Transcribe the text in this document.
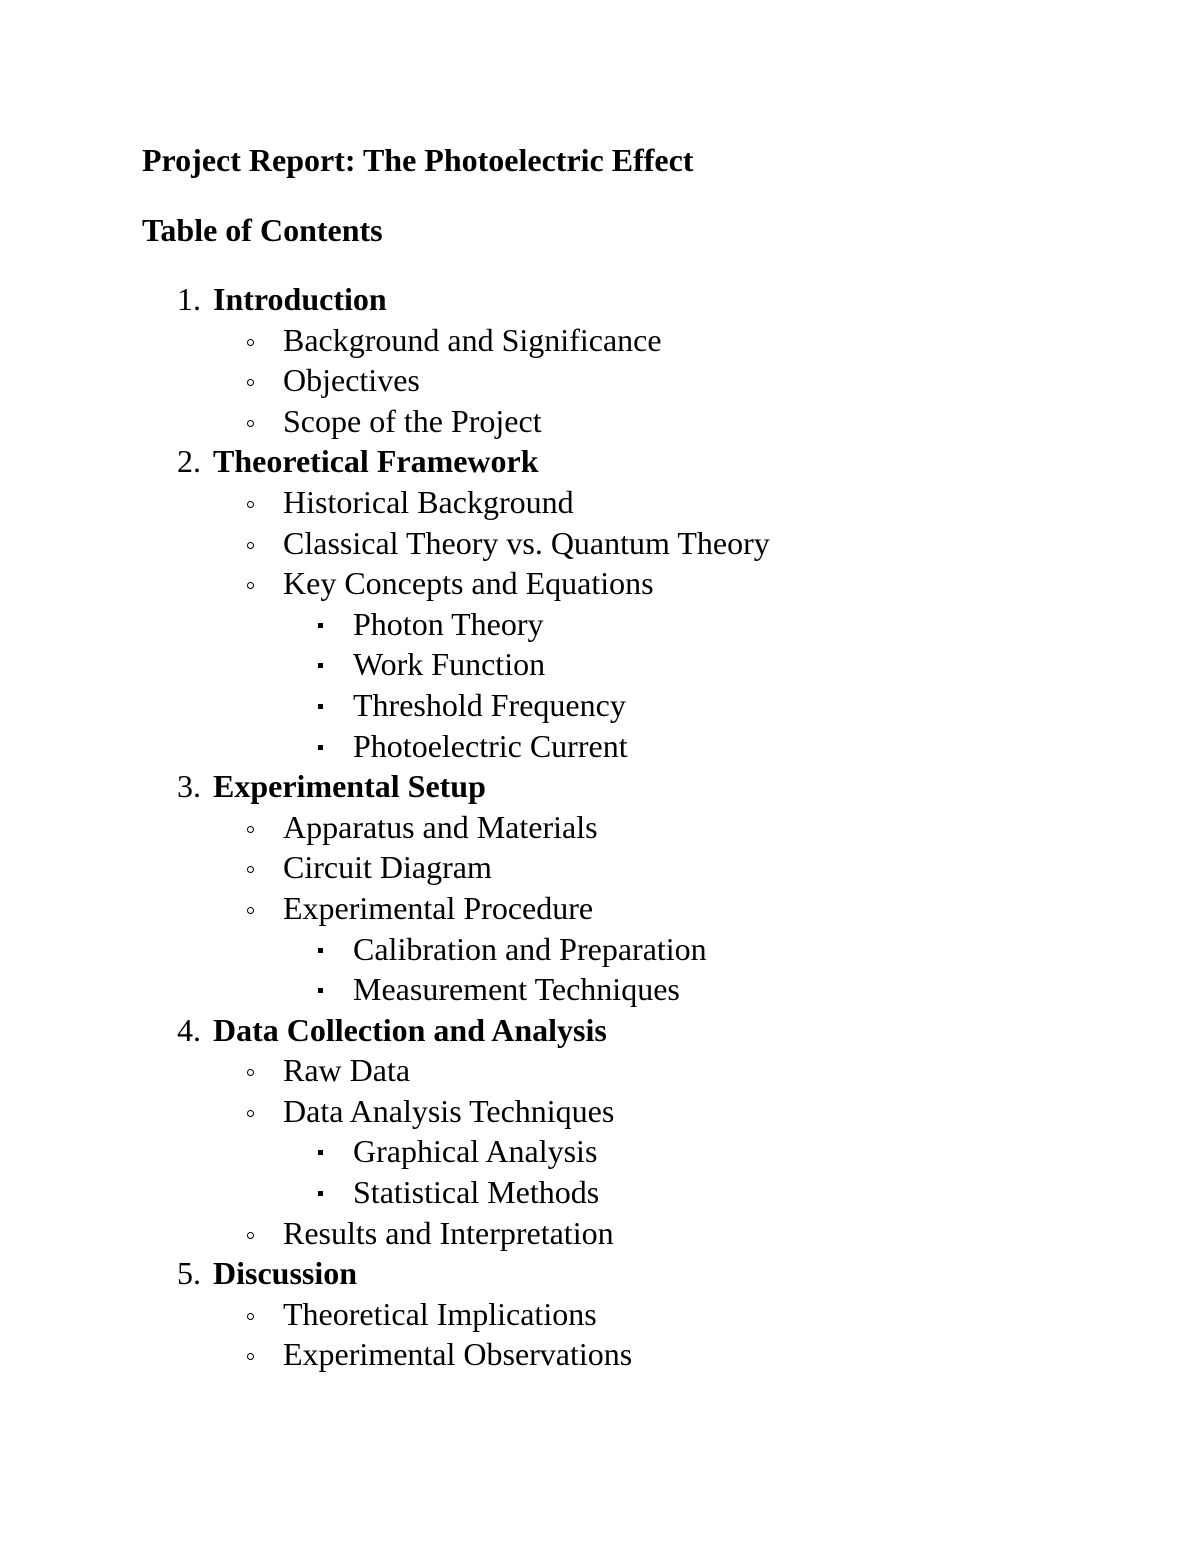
Project Report: The Photoelectric Effect
Table of Contents
1. Introduction
Background and Significance
Objectives
Scope of the Project
2. Theoretical Framework
Historical Background
Classical Theory vs. Quantum Theory
Key Concepts and Equations
Photon Theory
Work Function
Threshold Frequency
Photoelectric Current
3. Experimental Setup
Apparatus and Materials
Circuit Diagram
Experimental Procedure
Calibration and Preparation
Measurement Techniques
4. Data Collection and Analysis
Raw Data
Data Analysis Techniques
Graphical Analysis
Statistical Methods
Results and Interpretation
5. Discussion
Theoretical Implications
Experimental Observations
